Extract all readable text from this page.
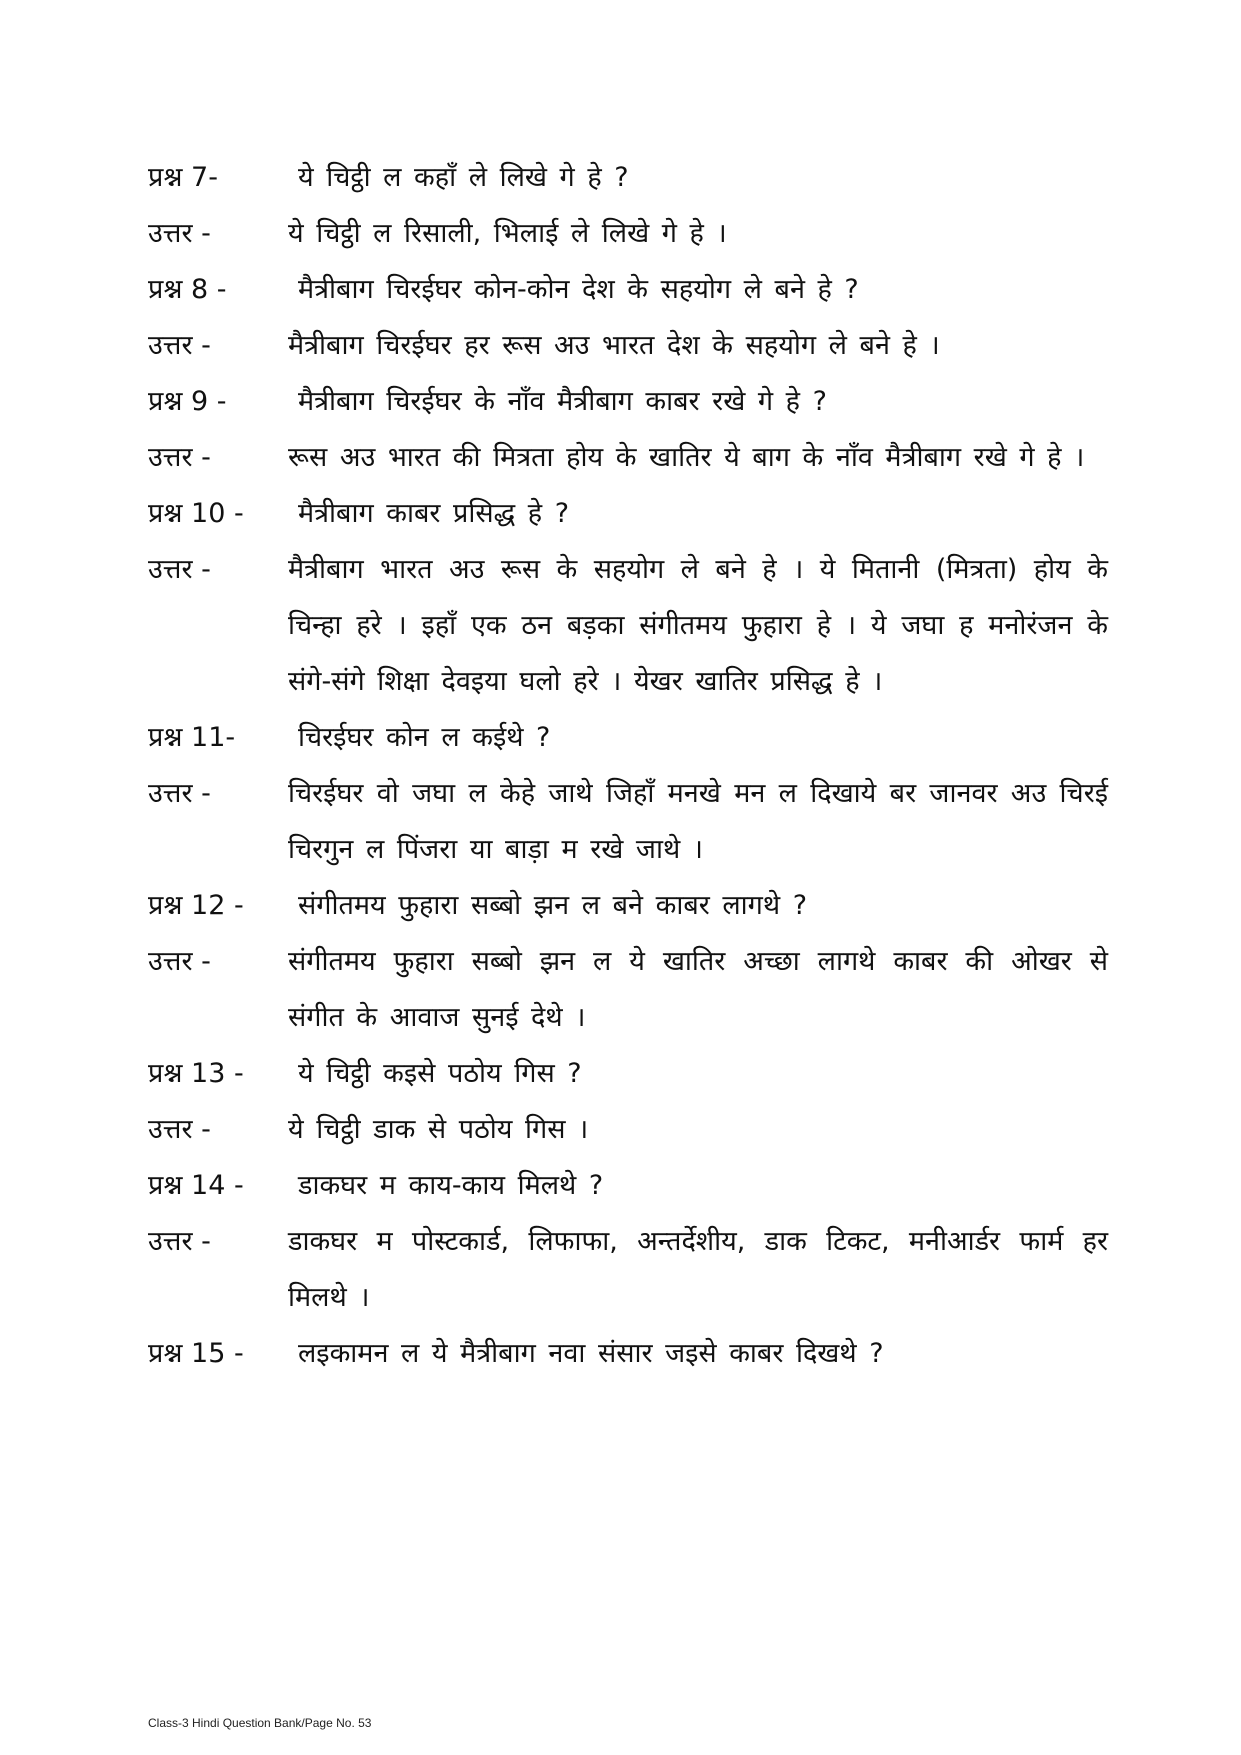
प्रश्न 7-	ये चिट्ठी ल कहाँ ले लिखे गे हे ?
उत्तर -	ये चिट्ठी ल रिसाली, भिलाई ले लिखे गे हे ।
प्रश्न 8 -	मैत्रीबाग चिरईघर कोन-कोन देश के सहयोग ले बने हे ?
उत्तर -	मैत्रीबाग चिरईघर हर रूस अउ भारत देश के सहयोग ले बने हे ।
प्रश्न 9 -	मैत्रीबाग चिरईघर के नाँव मैत्रीबाग काबर रखे गे हे ?
उत्तर -	रूस अउ भारत की मित्रता होय के खातिर ये बाग के नाँव मैत्रीबाग रखे गे हे ।
प्रश्न 10 -	मैत्रीबाग काबर प्रसिद्ध हे ?
उत्तर -	मैत्रीबाग भारत अउ रूस के सहयोग ले बने हे । ये मितानी (मित्रता) होय के चिन्हा हरे । इहाँ एक ठन बड़का संगीतमय फुहारा हे । ये जघा ह मनोरंजन के संगे-संगे शिक्षा देवइया घलो हरे । येखर खातिर प्रसिद्ध हे ।
प्रश्न 11-	चिरईघर कोन ल कईथे ?
उत्तर -	चिरईघर वो जघा ल केहे जाथे जिहाँ मनखे मन ल दिखाये बर जानवर अउ चिरई चिरगुन ल पिंजरा या बाड़ा म रखे जाथे ।
प्रश्न 12 -	संगीतमय फुहारा सब्बो झन ल बने काबर लागथे ?
उत्तर -	संगीतमय फुहारा सब्बो झन ल ये खातिर अच्छा लागथे काबर की ओखर से संगीत के आवाज सुनई देथे ।
प्रश्न 13 -	ये चिट्ठी कइसे पठोय गिस ?
उत्तर -	ये चिट्ठी डाक से पठोय गिस ।
प्रश्न 14 -	डाकघर म काय-काय मिलथे ?
उत्तर -	डाकघर म पोस्टकार्ड, लिफाफा, अन्तर्देशीय, डाक टिकट, मनीआर्डर फार्म हर मिलथे ।
प्रश्न 15 -	लइकामन ल ये मैत्रीबाग नवा संसार जइसे काबर दिखथे ?
Class-3 Hindi Question Bank/Page No. 53
